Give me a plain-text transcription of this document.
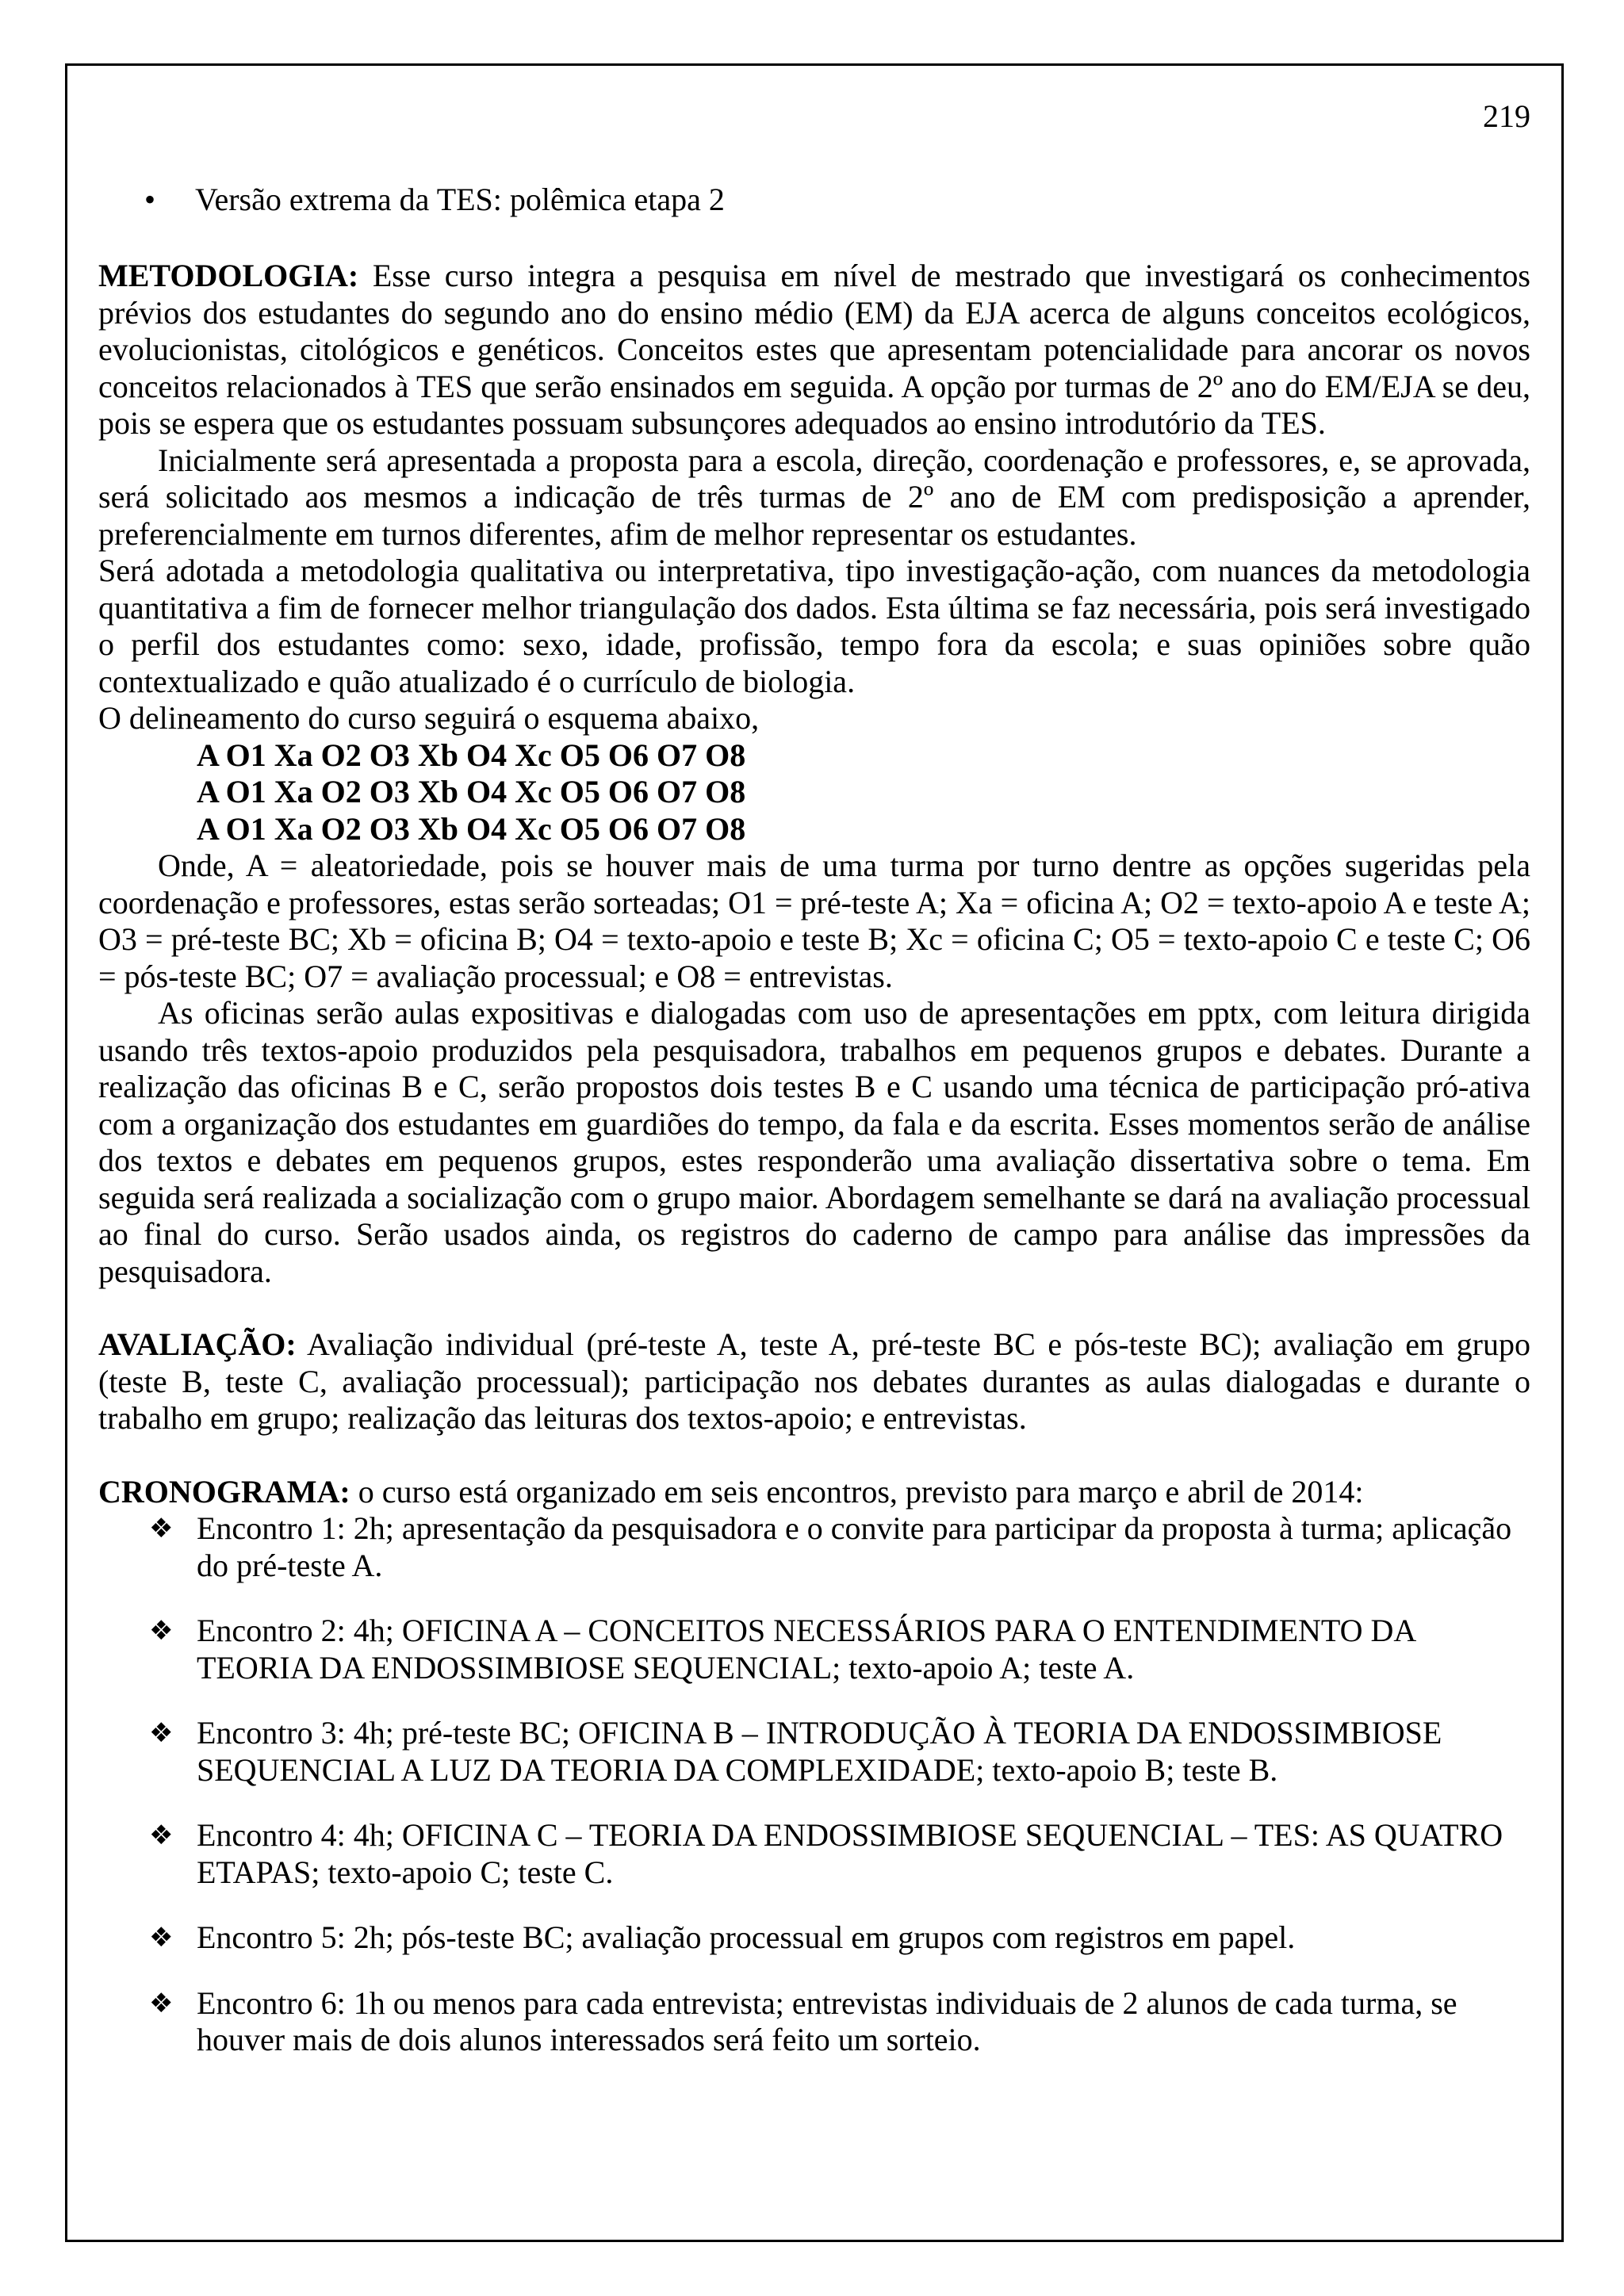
219

•	Versão extrema da TES: polêmica etapa 2

METODOLOGIA: Esse curso integra a pesquisa em nível de mestrado que investigará os conhecimentos prévios dos estudantes do segundo ano do ensino médio (EM) da EJA acerca de alguns conceitos ecológicos, evolucionistas, citológicos e genéticos. Conceitos estes que apresentam potencialidade para ancorar os novos conceitos relacionados à TES que serão ensinados em seguida. A opção por turmas de 2º ano do EM/EJA se deu, pois se espera que os estudantes possuam subsunçores adequados ao ensino introdutório da TES.

Inicialmente será apresentada a proposta para a escola, direção, coordenação e professores, e, se aprovada, será solicitado aos mesmos a indicação de três turmas de 2º ano de EM com predisposição a aprender, preferencialmente em turnos diferentes, afim de melhor representar os estudantes.

Será adotada a metodologia qualitativa ou interpretativa, tipo investigação-ação, com nuances da metodologia quantitativa a fim de fornecer melhor triangulação dos dados. Esta última se faz necessária, pois será investigado o perfil dos estudantes como: sexo, idade, profissão, tempo fora da escola; e suas opiniões sobre quão contextualizado e quão atualizado é o currículo de biologia.

O delineamento do curso seguirá o esquema abaixo,

A O1 Xa O2 O3 Xb O4 Xc O5 O6 O7 O8

A O1 Xa O2 O3 Xb O4 Xc O5 O6 O7 O8

A O1 Xa O2 O3 Xb O4 Xc O5 O6 O7 O8

Onde, A = aleatoriedade, pois se houver mais de uma turma por turno dentre as opções sugeridas pela coordenação e professores, estas serão sorteadas; O1 = pré-teste A; Xa = oficina A; O2 = texto-apoio A e teste A; O3 = pré-teste BC; Xb = oficina B; O4 = texto-apoio e teste B; Xc = oficina C; O5 = texto-apoio C e teste C; O6 = pós-teste BC; O7 = avaliação processual; e O8 = entrevistas.

As oficinas serão aulas expositivas e dialogadas com uso de apresentações em pptx, com leitura dirigida usando três textos-apoio produzidos pela pesquisadora, trabalhos em pequenos grupos e debates. Durante a realização das oficinas B e C, serão propostos dois testes B e C usando uma técnica de participação pró-ativa com a organização dos estudantes em guardiões do tempo, da fala e da escrita. Esses momentos serão de análise dos textos e debates em pequenos grupos, estes responderão uma avaliação dissertativa sobre o tema. Em seguida será realizada a socialização com o grupo maior. Abordagem semelhante se dará na avaliação processual ao final do curso. Serão usados ainda, os registros do caderno de campo para análise das impressões da pesquisadora.

AVALIAÇÃO: Avaliação individual (pré-teste A, teste A, pré-teste BC e pós-teste BC); avaliação em grupo (teste B, teste C, avaliação processual); participação nos debates durantes as aulas dialogadas e durante o trabalho em grupo; realização das leituras dos textos-apoio; e entrevistas.

CRONOGRAMA: o curso está organizado em seis encontros, previsto para março e abril de 2014:

❖ Encontro 1: 2h; apresentação da pesquisadora e o convite para participar da proposta à turma; aplicação do pré-teste A.
❖ Encontro 2: 4h; OFICINA A – CONCEITOS NECESSÁRIOS PARA O ENTENDIMENTO DA TEORIA DA ENDOSSIMBIOSE SEQUENCIAL; texto-apoio A; teste A.
❖ Encontro 3: 4h; pré-teste BC; OFICINA B – INTRODUÇÃO À TEORIA DA ENDOSSIMBIOSE SEQUENCIAL A LUZ DA TEORIA DA COMPLEXIDADE; texto-apoio B; teste B.
❖ Encontro 4: 4h; OFICINA C – TEORIA DA ENDOSSIMBIOSE SEQUENCIAL – TES: AS QUATRO ETAPAS; texto-apoio C; teste C.
❖ Encontro 5: 2h; pós-teste BC; avaliação processual em grupos com registros em papel.
❖ Encontro 6: 1h ou menos para cada entrevista; entrevistas individuais de 2 alunos de cada turma, se houver mais de dois alunos interessados será feito um sorteio.
